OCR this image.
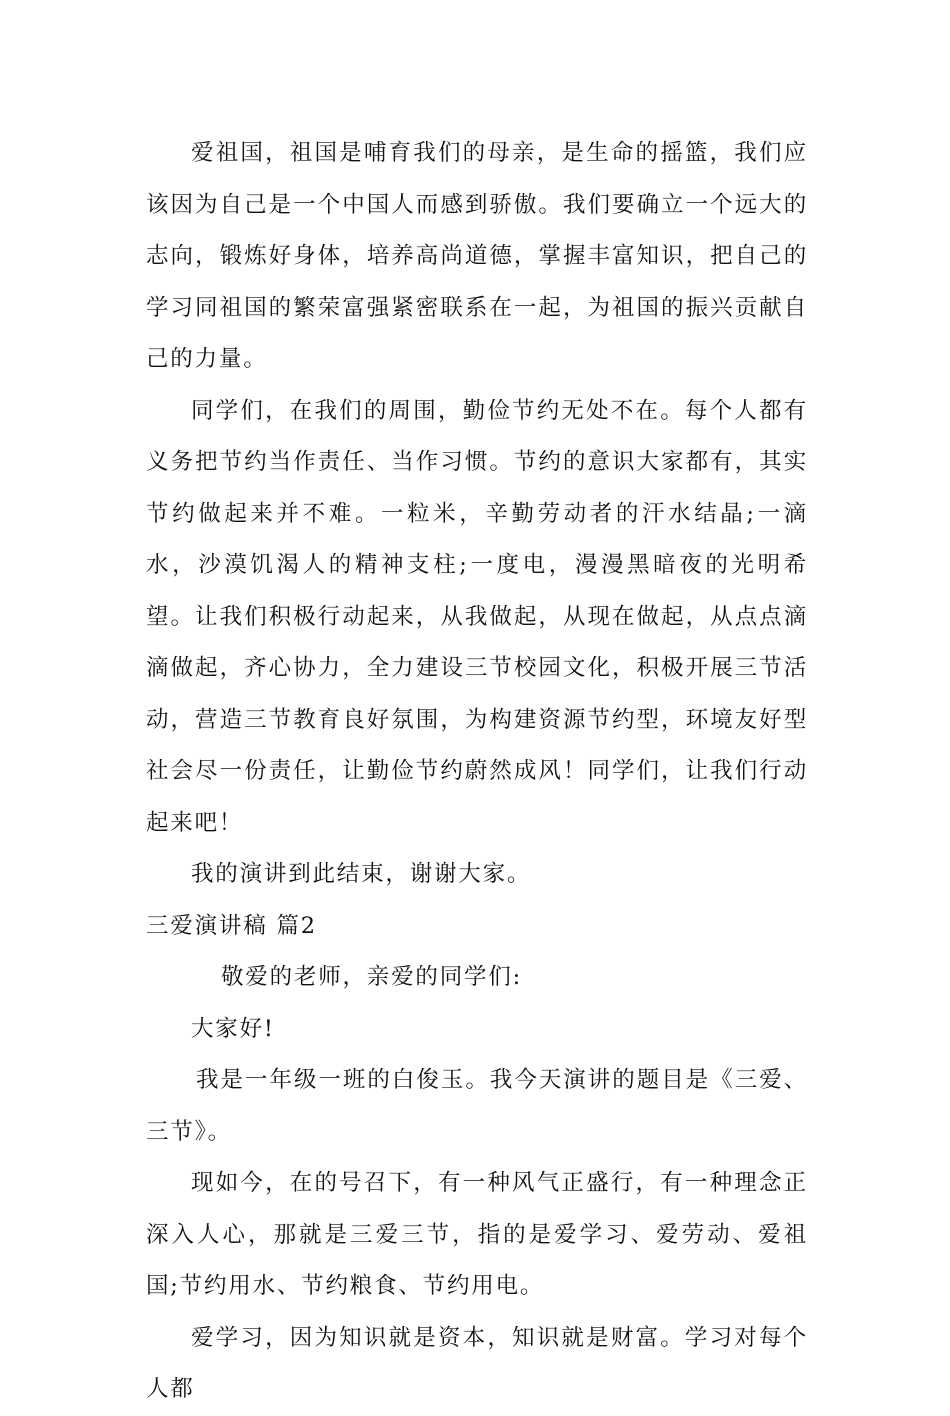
爱祖国，祖国是哺育我们的母亲，是生命的摇篮，我们应该因为自己是一个中国人而感到骄傲。我们要确立一个远大的志向，锻炼好身体，培养高尚道德，掌握丰富知识，把自己的学习同祖国的繁荣富强紧密联系在一起，为祖国的振兴贡献自己的力量。

同学们，在我们的周围，勤俭节约无处不在。每个人都有义务把节约当作责任、当作习惯。节约的意识大家都有，其实节约做起来并不难。一粒米，辛勤劳动者的汗水结晶;一滴水，沙漠饥渴人的精神支柱;一度电，漫漫黑暗夜的光明希望。让我们积极行动起来，从我做起，从现在做起，从点点滴滴做起，齐心协力，全力建设三节校园文化，积极开展三节活动，营造三节教育良好氛围，为构建资源节约型，环境友好型社会尽一份责任，让勤俭节约蔚然成风！同学们，让我们行动起来吧！

我的演讲到此结束，谢谢大家。

三爱演讲稿 篇2

敬爱的老师，亲爱的同学们:

大家好!

我是一年级一班的白俊玉。我今天演讲的题目是《三爱、三节》。

现如今，在的号召下，有一种风气正盛行，有一种理念正深入人心，那就是三爱三节，指的是爱学习、爱劳动、爱祖国;节约用水、节约粮食、节约用电。

爱学习，因为知识就是资本，知识就是财富。学习对每个人都
